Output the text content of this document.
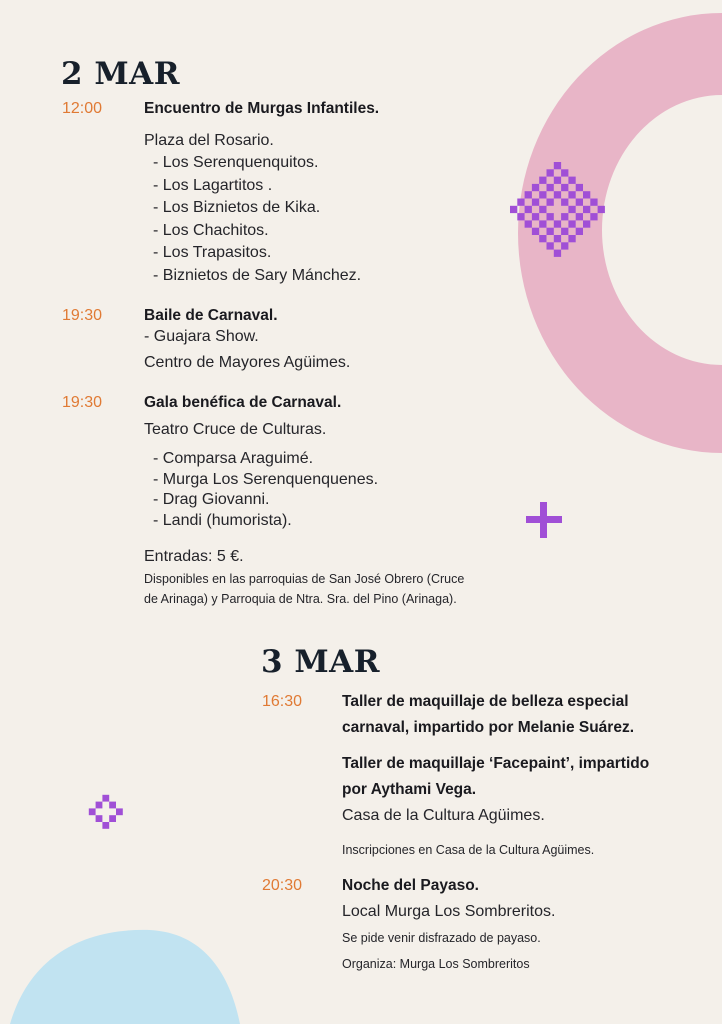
2 MAR
12:00	Encuentro de Murgas Infantiles.
Plaza del Rosario.
- Los Serenquenquitos.
- Los Lagartitos .
- Los Biznietos de Kika.
- Los Chachitos.
- Los Trapasitos.
- Biznietos de Sary Mánchez.
19:30	Baile de Carnaval.
- Guajara Show.
Centro de Mayores Agüimes.
19:30	Gala benéfica de Carnaval.
Teatro Cruce de Culturas.
- Comparsa Araguimé.
- Murga Los Serenquenquenes.
- Drag Giovanni.
- Landi (humorista).
Entradas: 5 €.
Disponibles en las parroquias de San José Obrero (Cruce
de Arinaga) y Parroquia de Ntra. Sra. del Pino (Arinaga).
3 MAR
16:30	Taller de maquillaje de belleza especial
carnaval, impartido por Melanie Suárez.
Taller de maquillaje ‘Facepaint’, impartido
por Aythami Vega.
Casa de la Cultura Agüimes.
Inscripciones en Casa de la Cultura Agüimes.
20:30	Noche del Payaso.
Local Murga Los Sombreritos.
Se pide venir disfrazado de payaso.
Organiza: Murga Los Sombreritos
